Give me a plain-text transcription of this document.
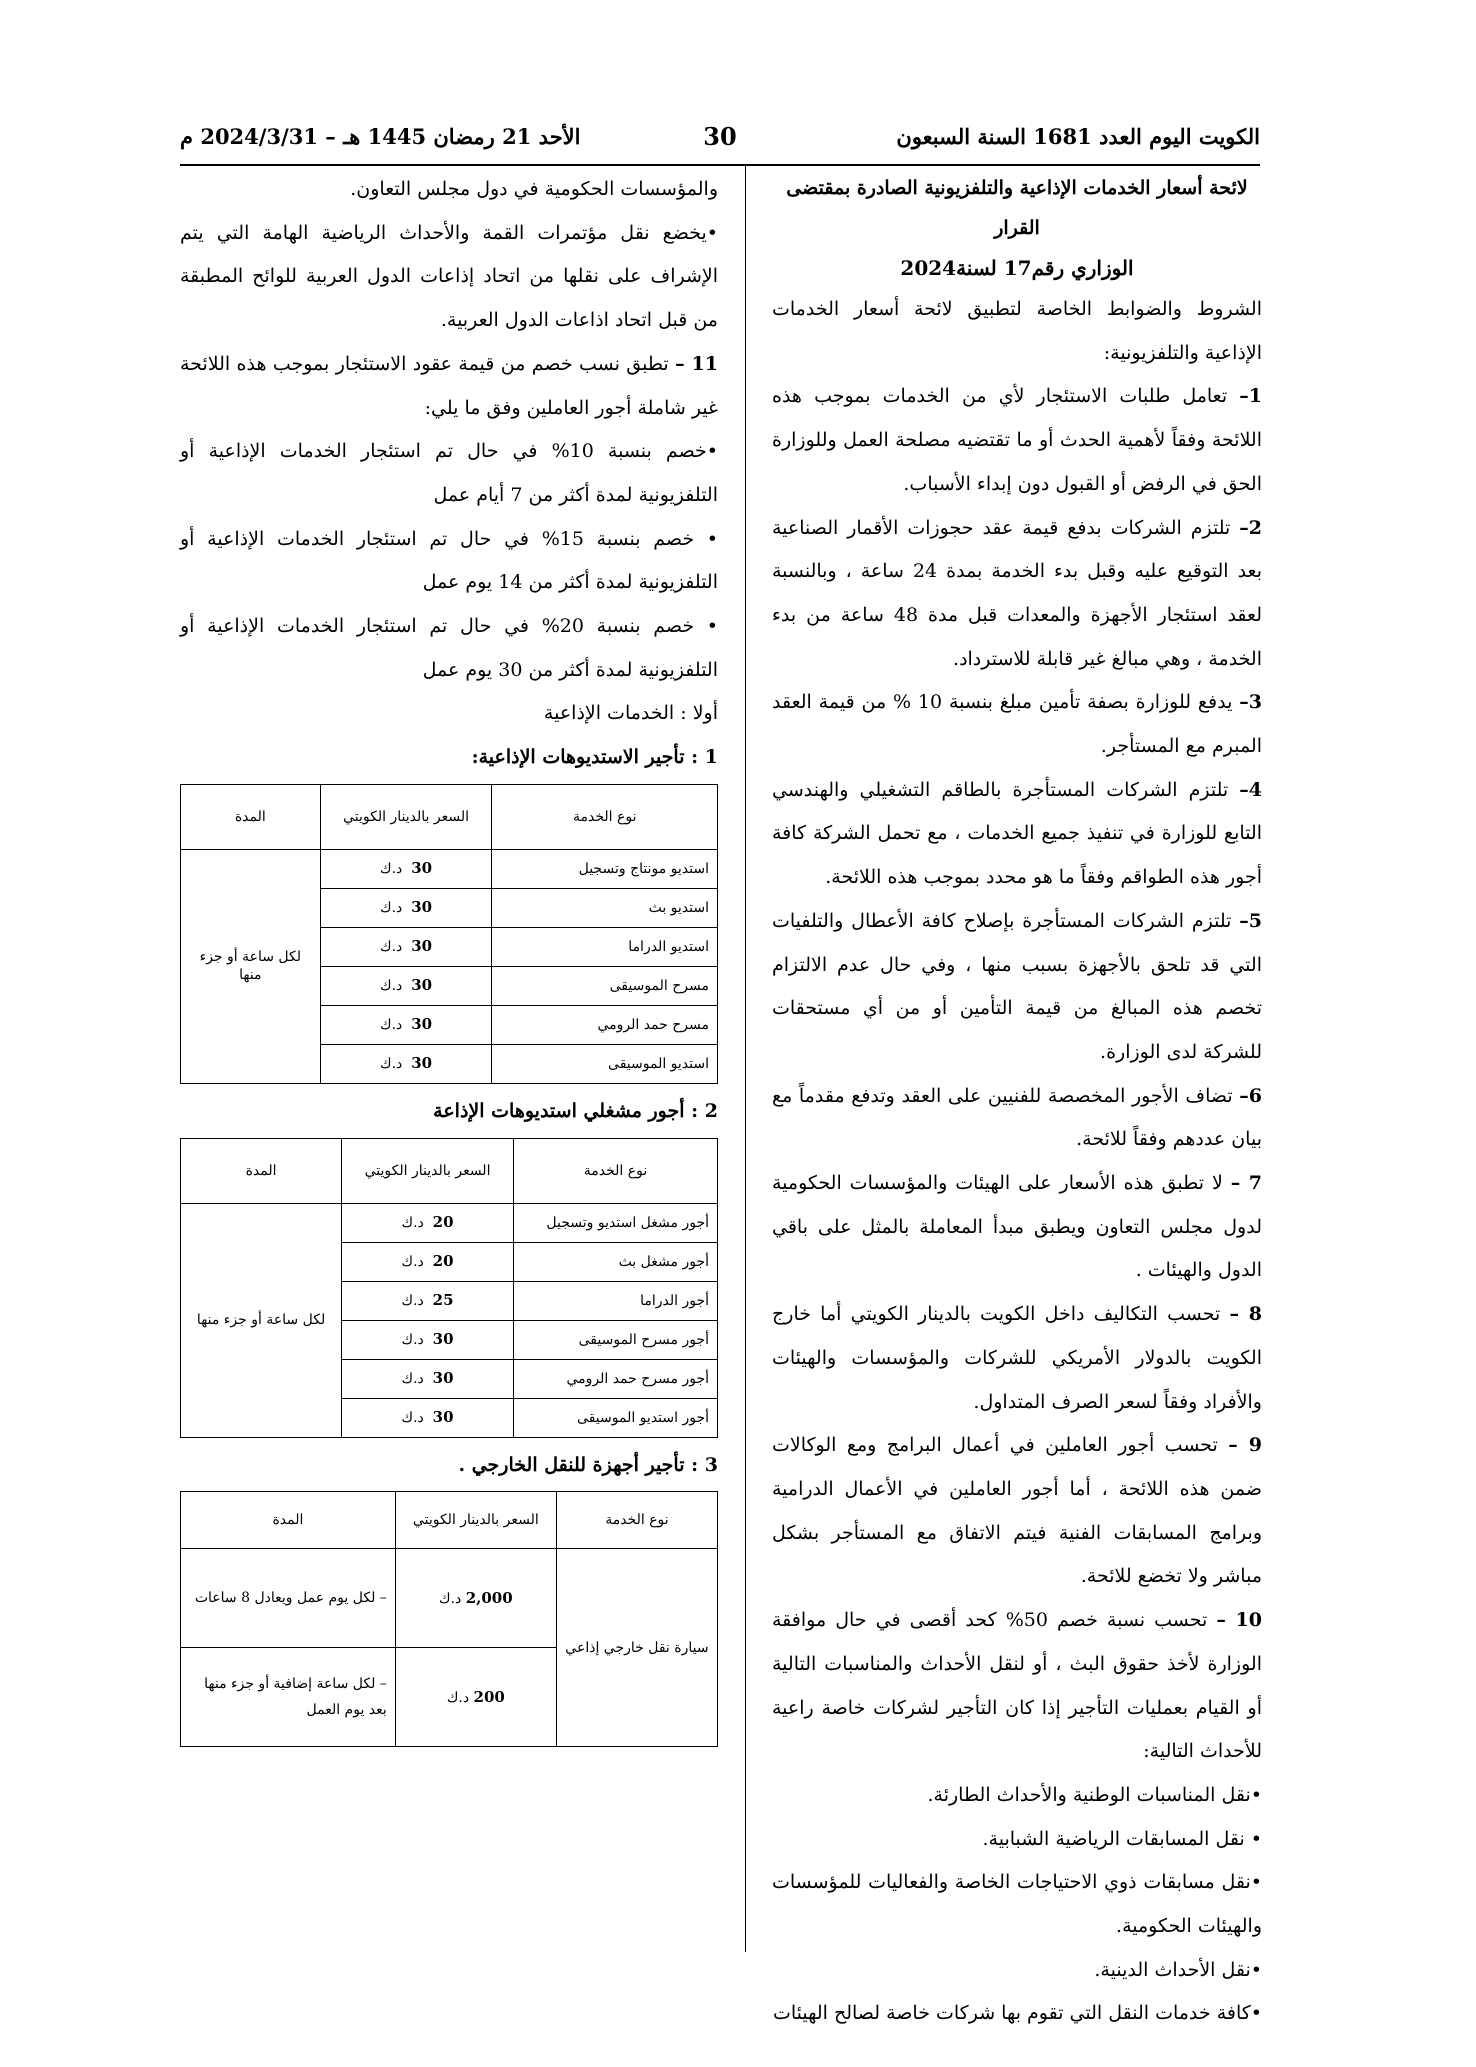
الكويت اليوم العدد 1681 السنة السبعون
30
الأحد 21 رمضان 1445 هـ – 2024/3/31 م
لائحة أسعار الخدمات الإذاعية والتلفزيونية الصادرة بمقتضى القرار
الوزاري رقم17 لسنة2024

الشروط والضوابط الخاصة لتطبيق لائحة أسعار الخدمات الإذاعية والتلفزيونية:

1– تعامل طلبات الاستئجار لأي من الخدمات بموجب هذه اللائحة وفقاً لأهمية الحدث أو ما تقتضيه مصلحة العمل وللوزارة الحق في الرفض أو القبول دون إبداء الأسباب.

2– تلتزم الشركات بدفع قيمة عقد حجوزات الأقمار الصناعية بعد التوقيع عليه وقبل بدء الخدمة بمدة 24 ساعة ، وبالنسبة لعقد استئجار الأجهزة والمعدات قبل مدة 48 ساعة من بدء الخدمة ، وهي مبالغ غير قابلة للاسترداد.

3– يدفع للوزارة بصفة تأمين مبلغ بنسبة 10 % من قيمة العقد المبرم مع المستأجر.

4– تلتزم الشركات المستأجرة بالطاقم التشغيلي والهندسي التابع للوزارة في تنفيذ جميع الخدمات ، مع تحمل الشركة كافة أجور هذه الطواقم وفقاً ما هو محدد بموجب هذه اللائحة.

5– تلتزم الشركات المستأجرة بإصلاح كافة الأعطال والتلفيات التي قد تلحق بالأجهزة بسبب منها ، وفي حال عدم الالتزام تخصم هذه المبالغ من قيمة التأمين أو من أي مستحقات للشركة لدى الوزارة.

6– تضاف الأجور المخصصة للفنيين على العقد وتدفع مقدماً مع بيان عددهم وفقاً للائحة.

7 – لا تطبق هذه الأسعار على الهيئات والمؤسسات الحكومية لدول مجلس التعاون ويطبق مبدأ المعاملة بالمثل على باقي الدول والهيئات .

8 – تحسب التكاليف داخل الكويت بالدينار الكويتي أما خارج الكويت بالدولار الأمريكي للشركات والمؤسسات والهيئات والأفراد وفقاً لسعر الصرف المتداول.

9 – تحسب أجور العاملين في أعمال البرامج ومع الوكالات ضمن هذه اللائحة ، أما أجور العاملين في الأعمال الدرامية وبرامج المسابقات الفنية فيتم الاتفاق مع المستأجر بشكل مباشر ولا تخضع للائحة.

10 – تحسب نسبة خصم 50% كحد أقصى في حال موافقة الوزارة لأخذ حقوق البث ، أو لنقل الأحداث والمناسبات التالية أو القيام بعمليات التأجير إذا كان التأجير لشركات خاصة راعية للأحداث التالية:

•نقل المناسبات الوطنية والأحداث الطارئة.

• نقل المسابقات الرياضية الشبابية.

•نقل مسابقات ذوي الاحتياجات الخاصة والفعاليات للمؤسسات والهيئات الحكومية.

•نقل الأحداث الدينية.

•كافة خدمات النقل التي تقوم بها شركات خاصة لصالح الهيئات

والمؤسسات الحكومية في دول مجلس التعاون.

•يخضع نقل مؤتمرات القمة والأحداث الرياضية الهامة التي يتم الإشراف على نقلها من اتحاد إذاعات الدول العربية للوائح المطبقة من قبل اتحاد اذاعات الدول العربية.

11 – تطبق نسب خصم من قيمة عقود الاستئجار بموجب هذه اللائحة غير شاملة أجور العاملين وفق ما يلي:

•خصم بنسبة 10% في حال تم استئجار الخدمات الإذاعية أو التلفزيونية لمدة أكثر من 7 أيام عمل

• خصم بنسبة 15% في حال تم استئجار الخدمات الإذاعية أو التلفزيونية لمدة أكثر من 14 يوم عمل

• خصم بنسبة 20% في حال تم استئجار الخدمات الإذاعية أو التلفزيونية لمدة أكثر من 30 يوم عمل

أولا : الخدمات الإذاعية

1 : تأجير الاستديوهات الإذاعية:

نوع الخدمة	السعر بالدينار الكويتي	المدة
استديو مونتاج وتسجيل	30  د.ك	لكل ساعة أو جزء منها
استديو بث	30  د.ك	
استديو الدراما	30  د.ك	
مسرح الموسيقى	30  د.ك	
مسرح حمد الرومي	30  د.ك	
استديو الموسيقى	30  د.ك	

2 : أجور مشغلي استديوهات الإذاعة

نوع الخدمة	السعر بالدينار الكويتي	المدة
أجور مشغل استديو وتسجيل	20  د.ك	لكل ساعة أو جزء منها
أجور مشغل بث	20  د.ك	
أجور الدراما	25  د.ك	
أجور مسرح الموسيقى	30  د.ك	
أجور مسرح حمد الرومي	30  د.ك	
أجور استديو الموسيقى	30  د.ك	

3 : تأجير أجهزة للنقل الخارجي .

نوع الخدمة	السعر بالدينار الكويتي	المدة
سيارة نقل خارجي إذاعي	2,000 د.ك	– لكل يوم عمل ويعادل 8 ساعات
	200 د.ك	– لكل ساعة إضافية أو جزء منها بعد يوم العمل
